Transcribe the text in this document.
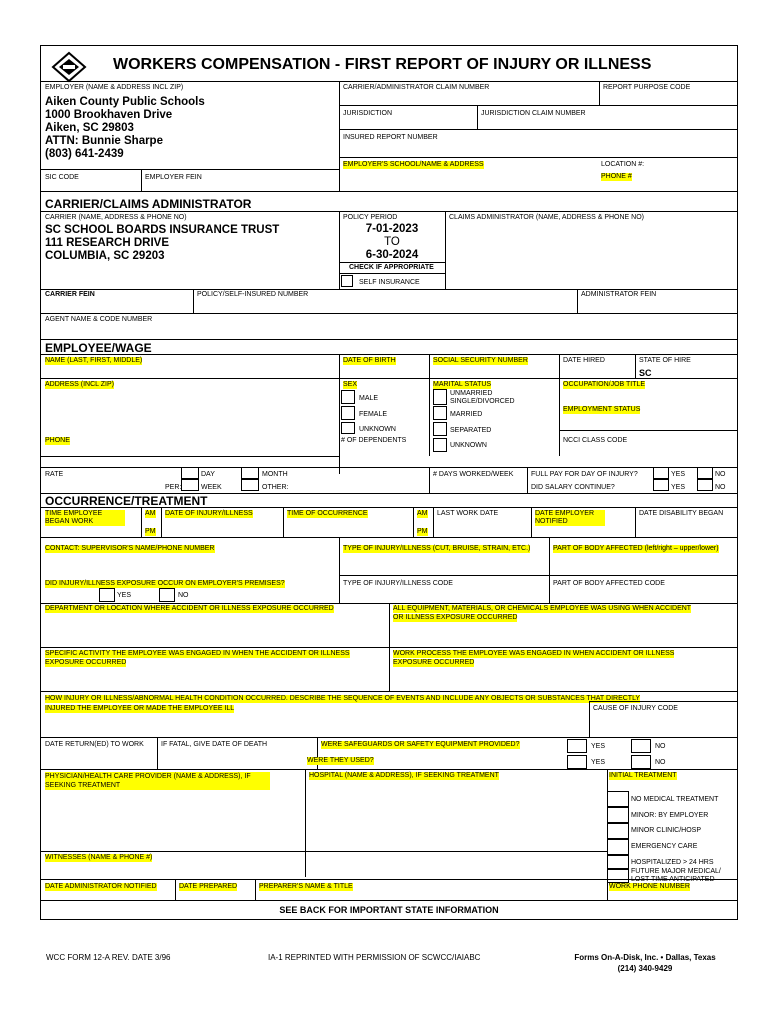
WORKERS COMPENSATION - FIRST REPORT OF INJURY OR ILLNESS
EMPLOYER (NAME & ADDRESS INCL ZIP)
Aiken County Public Schools
1000 Brookhaven Drive
Aiken, SC 29803
ATTN: Bunnie Sharpe
(803) 641-2439
SIC CODE	EMPLOYER FEIN
CARRIER/ADMINISTRATOR CLAIM NUMBER	REPORT PURPOSE CODE
JURISDICTION	JURISDICTION CLAIM NUMBER
INSURED REPORT NUMBER
EMPLOYER'S SCHOOL/NAME & ADDRESS	LOCATION #:
PHONE #
CARRIER/CLAIMS ADMINISTRATOR
CARRIER (NAME, ADDRESS & PHONE NO)
SC SCHOOL BOARDS INSURANCE TRUST
111 RESEARCH DRIVE
COLUMBIA, SC 29203
POLICY PERIOD
7-01-2023
TO
6-30-2024
CHECK IF APPROPRIATE
SELF INSURANCE
CLAIMS ADMINISTRATOR (NAME, ADDRESS & PHONE NO)
CARRIER FEIN	POLICY/SELF-INSURED NUMBER	ADMINISTRATOR FEIN
AGENT NAME & CODE NUMBER
EMPLOYEE/WAGE
NAME (LAST, FIRST, MIDDLE)	DATE OF BIRTH	SOCIAL SECURITY NUMBER	DATE HIRED	STATE OF HIRE
SC
ADDRESS (INCL ZIP)	SEX
MALE
FEMALE
UNKNOWN
# OF DEPENDENTS
MARITAL STATUS
UNMARRIED
SINGLE/DIVORCED
MARRIED
SEPARATED
UNKNOWN
OCCUPATION/JOB TITLE
EMPLOYMENT STATUS
NCCI CLASS CODE
PHONE
RATE
PER:
DAY
WEEK
MONTH
OTHER:
# DAYS WORKED/WEEK	FULL PAY FOR DAY OF INJURY?
DID SALARY CONTINUE?
YES	NO
YES	NO
OCCURRENCE/TREATMENT
TIME EMPLOYEE BEGAN WORK
AM
PM
DATE OF INJURY/ILLNESS	TIME OF OCCURRENCE	AM
PM
LAST WORK DATE	DATE EMPLOYER NOTIFIED
DATE DISABILITY BEGAN
CONTACT: SUPERVISOR'S NAME/PHONE NUMBER	TYPE OF INJURY/ILLNESS (CUT, BRUISE, STRAIN, ETC.)	PART OF BODY AFFECTED (left/right – upper/lower)
DID INJURY/ILLNESS EXPOSURE OCCUR ON EMPLOYER'S PREMISES?	TYPE OF INJURY/ILLNESS CODE	PART OF BODY AFFECTED CODE
YES	NO
DEPARTMENT OR LOCATION WHERE ACCIDENT OR ILLNESS EXPOSURE OCCURRED	ALL EQUIPMENT, MATERIALS, OR CHEMICALS EMPLOYEE WAS USING WHEN ACCIDENT
OR ILLNESS EXPOSURE OCCURRED
SPECIFIC ACTIVITY THE EMPLOYEE WAS ENGAGED IN WHEN THE ACCIDENT OR ILLNESS
EXPOSURE OCCURRED
WORK PROCESS THE EMPLOYEE WAS ENGAGED IN WHEN ACCIDENT OR ILLNESS
EXPOSURE OCCURRED
HOW INJURY OR ILLNESS/ABNORMAL HEALTH CONDITION OCCURRED. DESCRIBE THE SEQUENCE OF EVENTS AND INCLUDE ANY OBJECTS OR SUBSTANCES THAT DIRECTLY
INJURED THE EMPLOYEE OR MADE THE EMPLOYEE ILL	CAUSE OF INJURY CODE
DATE RETURN(ED) TO WORK IF FATAL, GIVE DATE OF DEATH	WERE SAFEGUARDS OR SAFETY EQUIPMENT PROVIDED?
WERE THEY USED?
YES	NO
YES	NO
PHYSICIAN/HEALTH CARE PROVIDER (NAME & ADDRESS), IF SEEKING TREATMENT
HOSPITAL (NAME & ADDRESS), IF SEEKING TREATMENT	INITIAL TREATMENT
NO MEDICAL TREATMENT
MINOR: BY EMPLOYER
MINOR CLINIC/HOSP
EMERGENCY CARE
HOSPITALIZED > 24 HRS
FUTURE MAJOR MEDICAL/
LOST TIME ANTICIPATED
WITNESSES (NAME & PHONE #)
DATE ADMINISTRATOR NOTIFIED	DATE PREPARED	PREPARER'S NAME & TITLE	WORK PHONE NUMBER
SEE BACK FOR IMPORTANT STATE INFORMATION
WCC FORM 12-A REV. DATE 3/96	IA-1 REPRINTED WITH PERMISSION OF SCWCC/IAIABC	Forms On-A-Disk, Inc. • Dallas, Texas
(214) 340-9429
